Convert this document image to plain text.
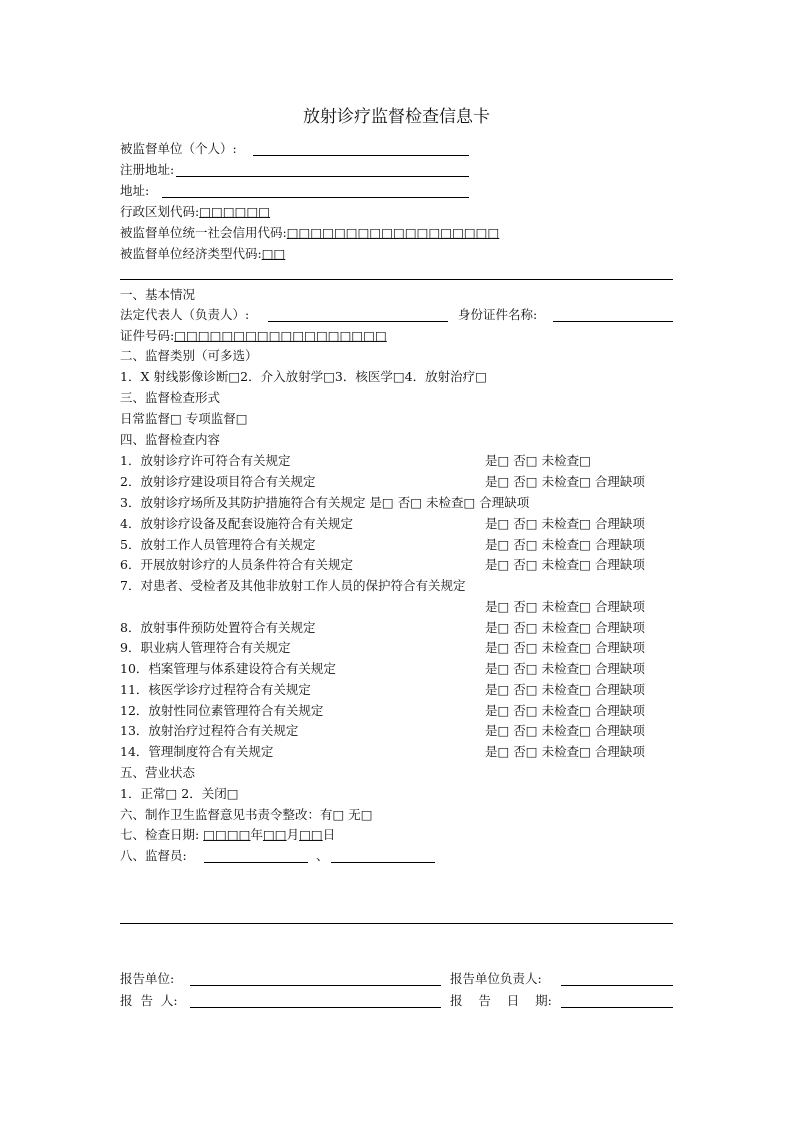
放射诊疗监督检查信息卡
被监督单位（个人）:
注册地址:
地址:
行政区划代码:□□□□□□
被监督单位统一社会信用代码:□□□□□□□□□□□□□□□□□□
被监督单位经济类型代码:□□
一、基本情况
法定代表人（负责人）:	身份证件名称:
证件号码:□□□□□□□□□□□□□□□□□□
二、监督类别（可多选）
1．X 射线影像诊断□2．介入放射学□3．核医学□4．放射治疗□
三、监督检查形式
日常监督□ 专项监督□
四、监督检查内容
1．放射诊疗许可符合有关规定	是□ 否□ 未检查□
2．放射诊疗建设项目符合有关规定	是□ 否□ 未检查□ 合理缺项
3．放射诊疗场所及其防护措施符合有关规定 是□ 否□ 未检查□ 合理缺项
4．放射诊疗设备及配套设施符合有关规定	是□ 否□ 未检查□ 合理缺项
5．放射工作人员管理符合有关规定	是□ 否□ 未检查□ 合理缺项
6．开展放射诊疗的人员条件符合有关规定	是□ 否□ 未检查□ 合理缺项
7．对患者、受检者及其他非放射工作人员的保护符合有关规定
是□ 否□ 未检查□ 合理缺项
8．放射事件预防处置符合有关规定	是□ 否□ 未检查□ 合理缺项
9．职业病人管理符合有关规定	是□ 否□ 未检查□ 合理缺项
10．档案管理与体系建设符合有关规定	是□ 否□ 未检查□ 合理缺项
11．核医学诊疗过程符合有关规定	是□ 否□ 未检查□ 合理缺项
12．放射性同位素管理符合有关规定	是□ 否□ 未检查□ 合理缺项
13．放射治疗过程符合有关规定	是□ 否□ 未检查□ 合理缺项
14．管理制度符合有关规定	是□ 否□ 未检查□ 合理缺项
五、营业状态
1．正常□ 2．关闭□
六、制作卫生监督意见书责令整改：有□ 无□
七、检查日期: □□□□年□□月□□日
八、监督员:	、
报告单位:	报告单位负责人:
报  告  人:	报    告    日    期:
